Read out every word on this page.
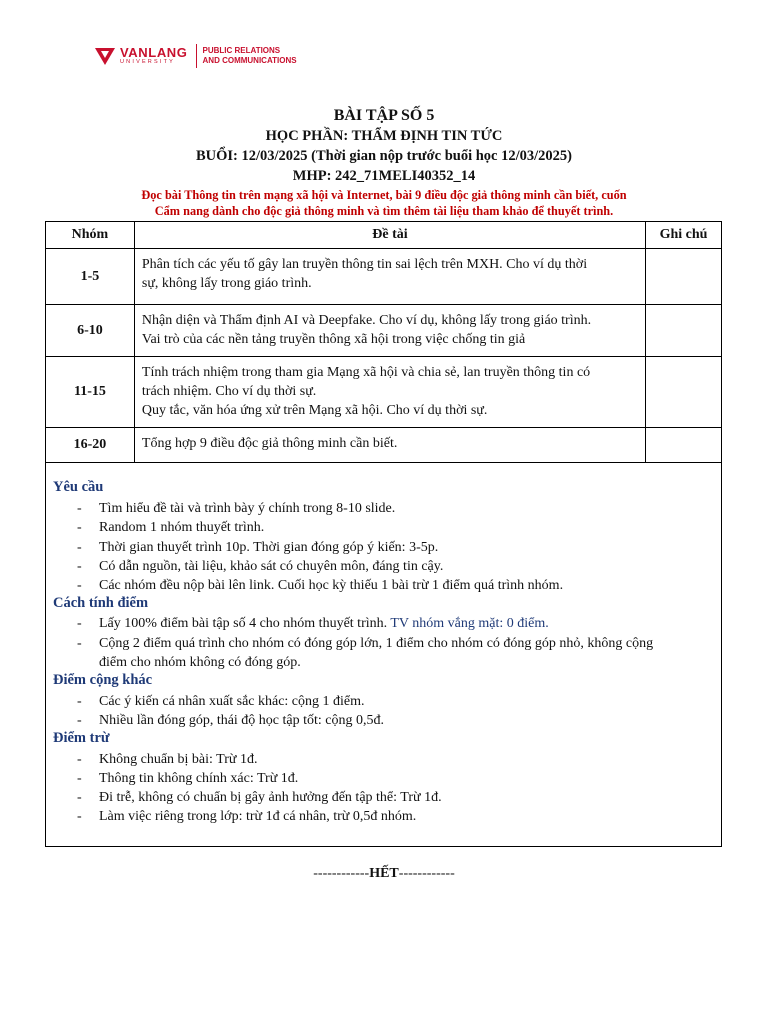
VANLANG
UNIVERSITY
PUBLIC RELATIONS
AND COMMUNICATIONS
BÀI TẬP SỐ 5
HỌC PHẦN: THẨM ĐỊNH TIN TỨC
BUỔI: 12/03/2025 (Thời gian nộp trước buổi học 12/03/2025)
MHP: 242_71MELI40352_14
Đọc bài Thông tin trên mạng xã hội và Internet, bài 9 điều độc giả thông minh cần biết, cuốn
Cẩm nang dành cho độc giả thông minh và tìm thêm tài liệu tham khảo để thuyết trình.
Nhóm	Đề tài	Ghi chú
1-5	Phân tích các yếu tố gây lan truyền thông tin sai lệch trên MXH. Cho ví dụ thời
sự, không lấy trong giáo trình.	

6-10	Nhận diện và Thẩm định AI và Deepfake. Cho ví dụ, không lấy trong giáo trình.
Vai trò của các nền tảng truyền thông xã hội trong việc chống tin giả	

11-15	Tính trách nhiệm trong tham gia Mạng xã hội và chia sẻ, lan truyền thông tin có
trách nhiệm. Cho ví dụ thời sự.
Quy tắc, văn hóa ứng xử trên Mạng xã hội. Cho ví dụ thời sự.	

16-20	Tổng hợp 9 điều độc giả thông minh cần biết.	

Yêu cầu
- Tìm hiểu đề tài và trình bày ý chính trong 8-10 slide.
- Random 1 nhóm thuyết trình.
- Thời gian thuyết trình 10p. Thời gian đóng góp ý kiến: 3-5p.
- Có dẫn nguồn, tài liệu, khảo sát có chuyên môn, đáng tin cậy.
- Các nhóm đều nộp bài lên link. Cuối học kỳ thiếu 1 bài trừ 1 điểm quá trình nhóm.
Cách tính điểm
- Lấy 100% điểm bài tập số 4 cho nhóm thuyết trình. TV nhóm vắng mặt: 0 điểm.
- Cộng 2 điểm quá trình cho nhóm có đóng góp lớn, 1 điểm cho nhóm có đóng góp nhỏ, không cộng
điểm cho nhóm không có đóng góp.
Điểm cộng khác
- Các ý kiến cá nhân xuất sắc khác: cộng 1 điểm.
- Nhiều lần đóng góp, thái độ học tập tốt: cộng 0,5đ.
Điểm trừ
- Không chuẩn bị bài: Trừ 1đ.
- Thông tin không chính xác: Trừ 1đ.
- Đi trễ, không có chuẩn bị gây ảnh hưởng đến tập thể: Trừ 1đ.
- Làm việc riêng trong lớp: trừ 1đ cá nhân, trừ 0,5đ nhóm.
------------HẾT------------
